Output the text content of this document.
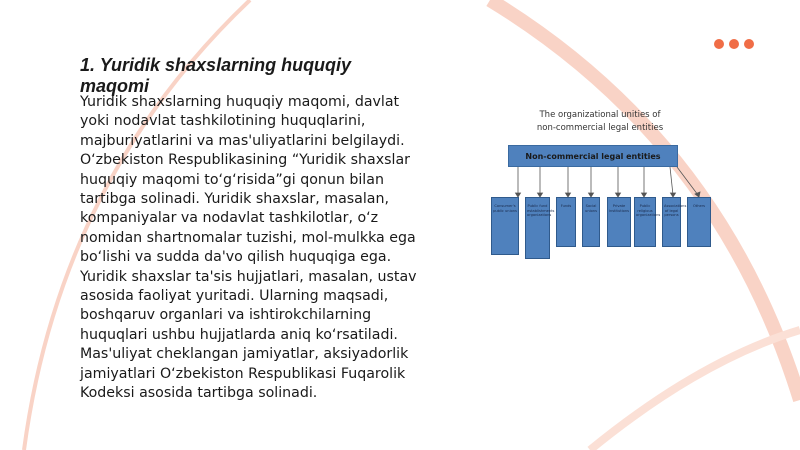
1. Yuridik shaxslarning huquqiy maqomi

Yuridik shaxslarning huquqiy maqomi, davlat yoki nodavlat tashkilotining huquqlarini, majburiyatlarini va mas'uliyatlarini belgilaydi. O‘zbekiston Respublikasining “Yuridik shaxslar huquqiy maqomi to‘g‘risida”gi qonun bilan tartibga solinadi. Yuridik shaxslar, masalan, kompaniyalar va nodavlat tashkilotlar, o‘z nomidan shartnomalar tuzishi, mol-mulkka ega bo‘lishi va sudda da'vo qilish huquqiga ega. Yuridik shaxslar ta'sis hujjatlari, masalan, ustav asosida faoliyat yuritadi. Ularning maqsadi, boshqaruv organlari va ishtirokchilarning huquqlari ushbu hujjatlarda aniq ko‘rsatiladi. Mas'uliyat cheklangan jamiyatlar, aksiyadorlik jamiyatlari O‘zbekiston Respublikasi Fuqarolik Kodeksi asosida tartibga solinadi.

The organizational unities of
non-commercial legal entities
Non-commercial legal entities
Consumer's public unions
Public fund establishments organizations
Funds	Social unions
Private institutions
Public religious organizations
Associations of legal persons
Others
